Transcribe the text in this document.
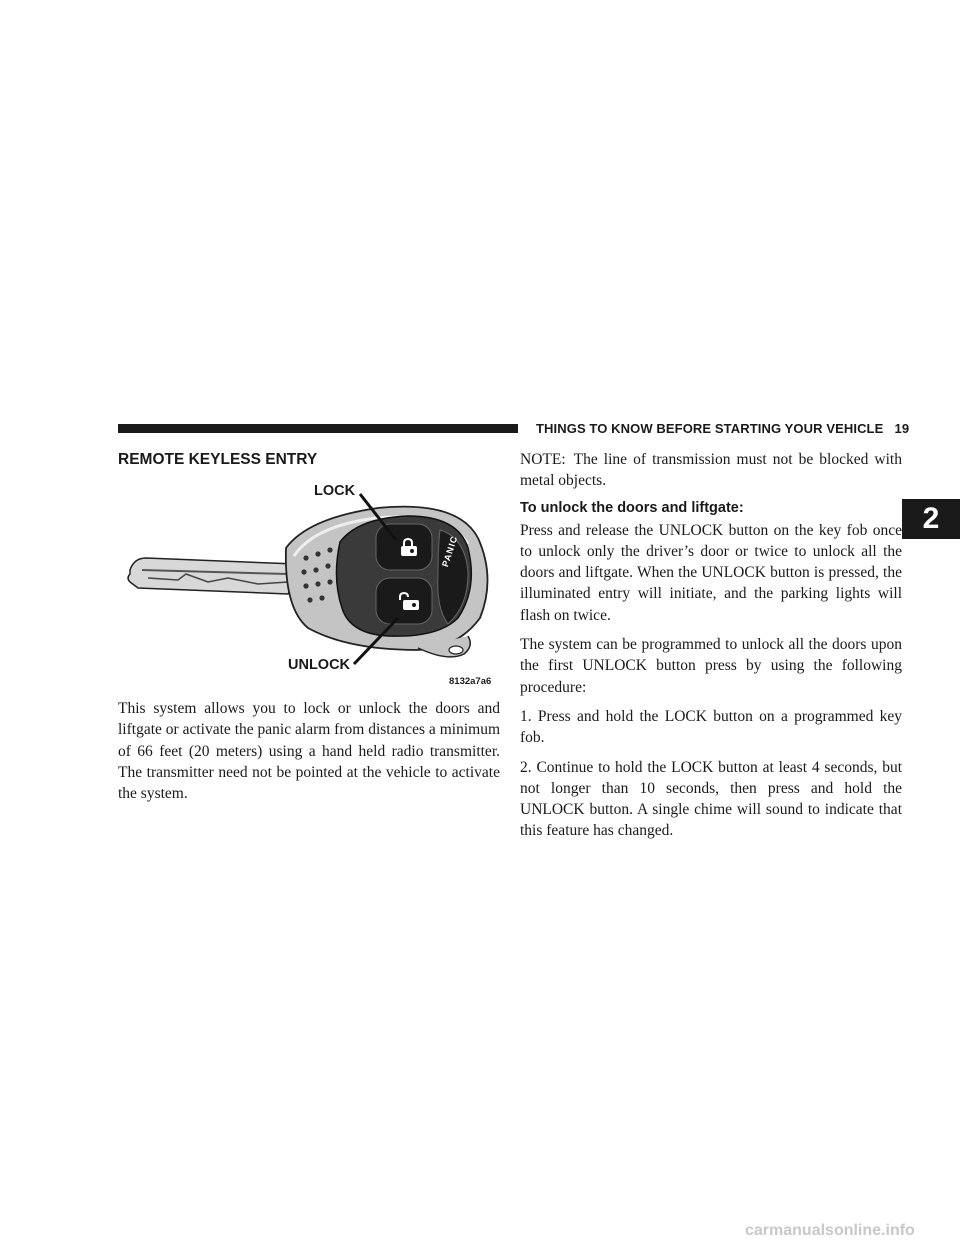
THINGS TO KNOW BEFORE STARTING YOUR VEHICLE 19
2
REMOTE KEYLESS ENTRY
LOCK
UNLOCK
PANIC
8132a7a6

This system allows you to lock or unlock the doors and liftgate or activate the panic alarm from distances a minimum of 66 feet (20 meters) using a hand held radio transmitter. The transmitter need not be pointed at the vehicle to activate the system.

NOTE: The line of transmission must not be blocked with metal objects.

To unlock the doors and liftgate:

Press and release the UNLOCK button on the key fob once to unlock only the driver’s door or twice to unlock all the doors and liftgate. When the UNLOCK button is pressed, the illuminated entry will initiate, and the parking lights will flash on twice.

The system can be programmed to unlock all the doors upon the first UNLOCK button press by using the following procedure:

1. Press and hold the LOCK button on a programmed key fob.

2. Continue to hold the LOCK button at least 4 seconds, but not longer than 10 seconds, then press and hold the UNLOCK button. A single chime will sound to indicate that this feature has changed.

carmanualsonline.info
